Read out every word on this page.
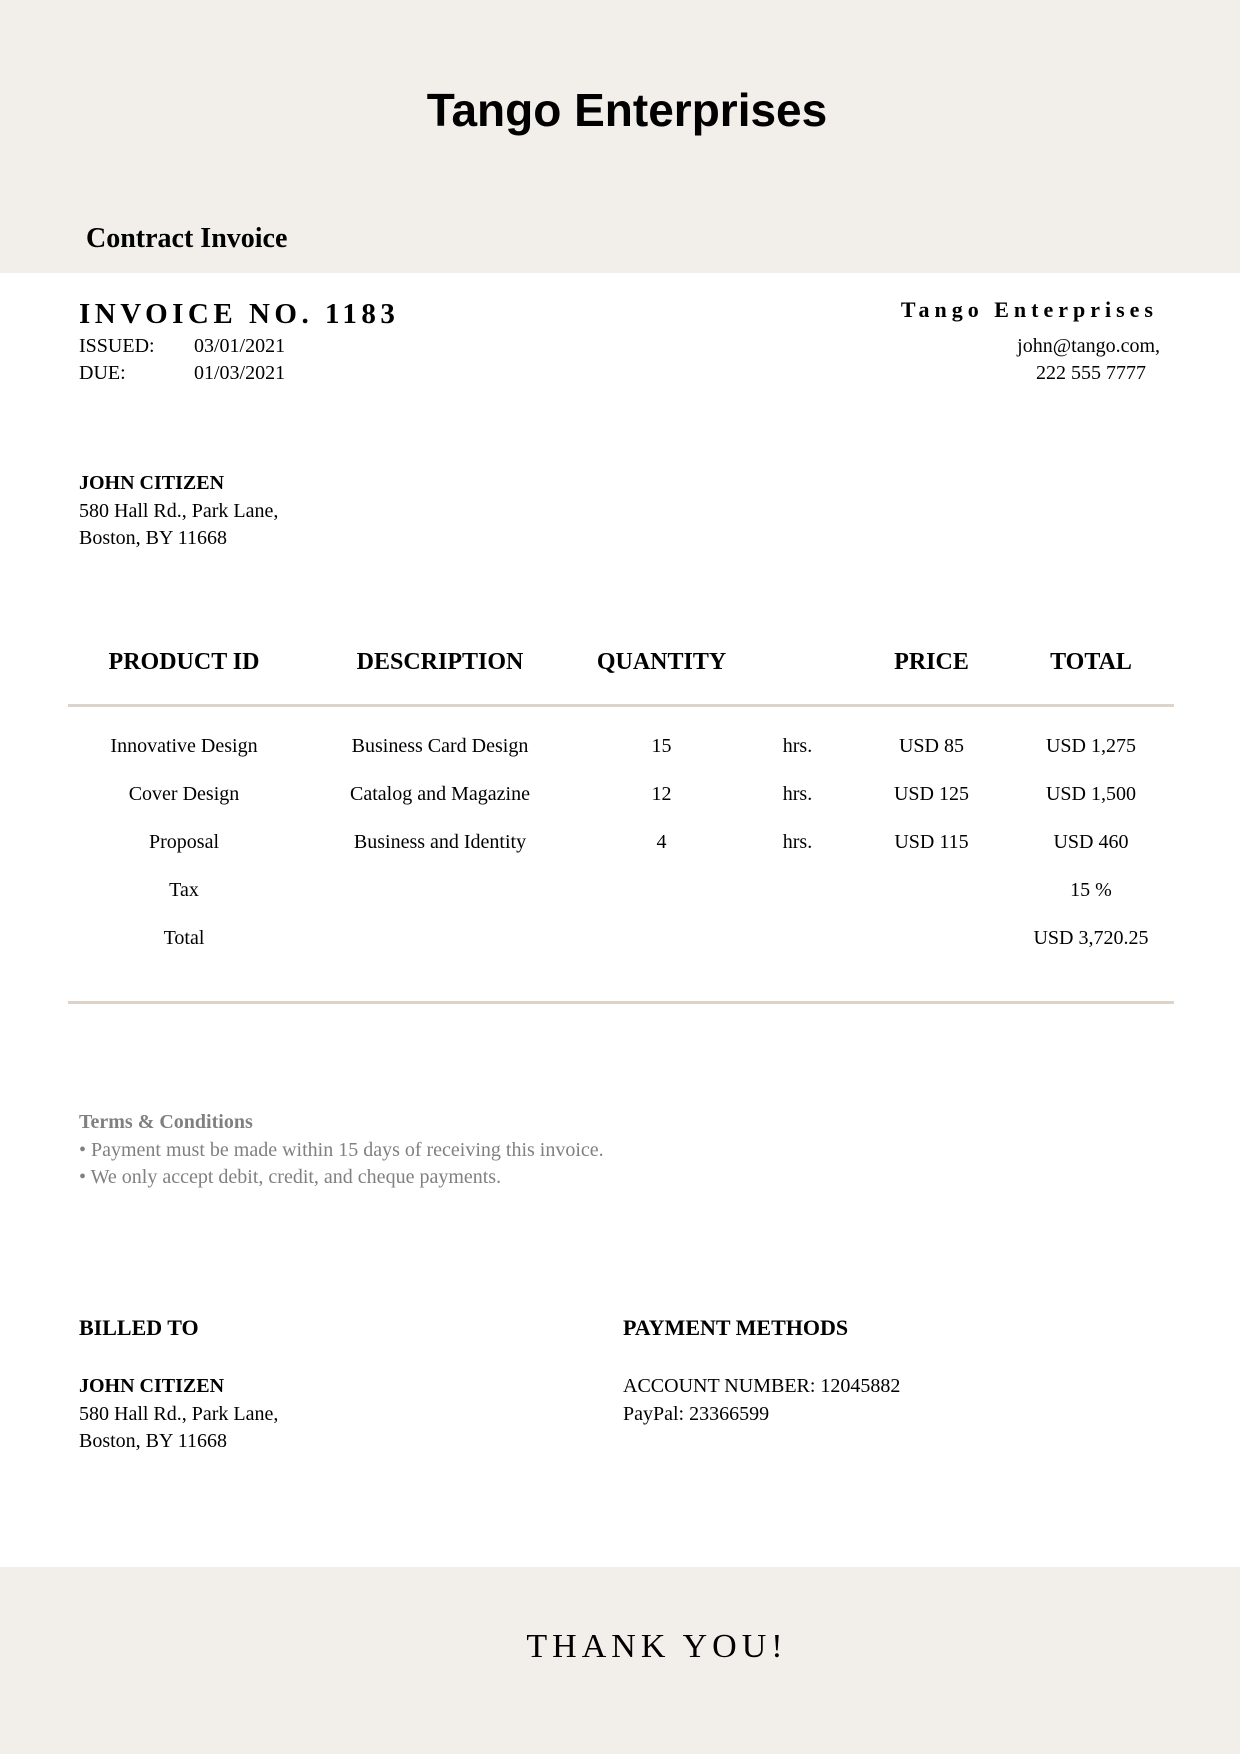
Tango Enterprises
Contract Invoice
INVOICE NO. 1183
ISSUED: 03/01/2021
DUE:	01/03/2021
Tango Enterprises
john@tango.com,
222 555 7777
JOHN CITIZEN
580 Hall Rd., Park Lane,
Boston, BY 11668
PRODUCT ID	DESCRIPTION	QUANTITY	PRICE	TOTAL
Innovative Design	Business Card Design	15	hrs.	USD 85	USD 1,275
Cover Design	Catalog and Magazine	12	hrs.	USD 125	USD 1,500
Proposal	Business and Identity	4	hrs.	USD 115	USD 460
Tax	15 %
Total	USD 3,720.25
Terms & Conditions
• Payment must be made within 15 days of receiving this invoice.
• We only accept debit, credit, and cheque payments.
BILLED TO
JOHN CITIZEN
580 Hall Rd., Park Lane,
Boston, BY 11668
PAYMENT METHODS
ACCOUNT NUMBER: 12045882
PayPal: 23366599
THANK YOU!
